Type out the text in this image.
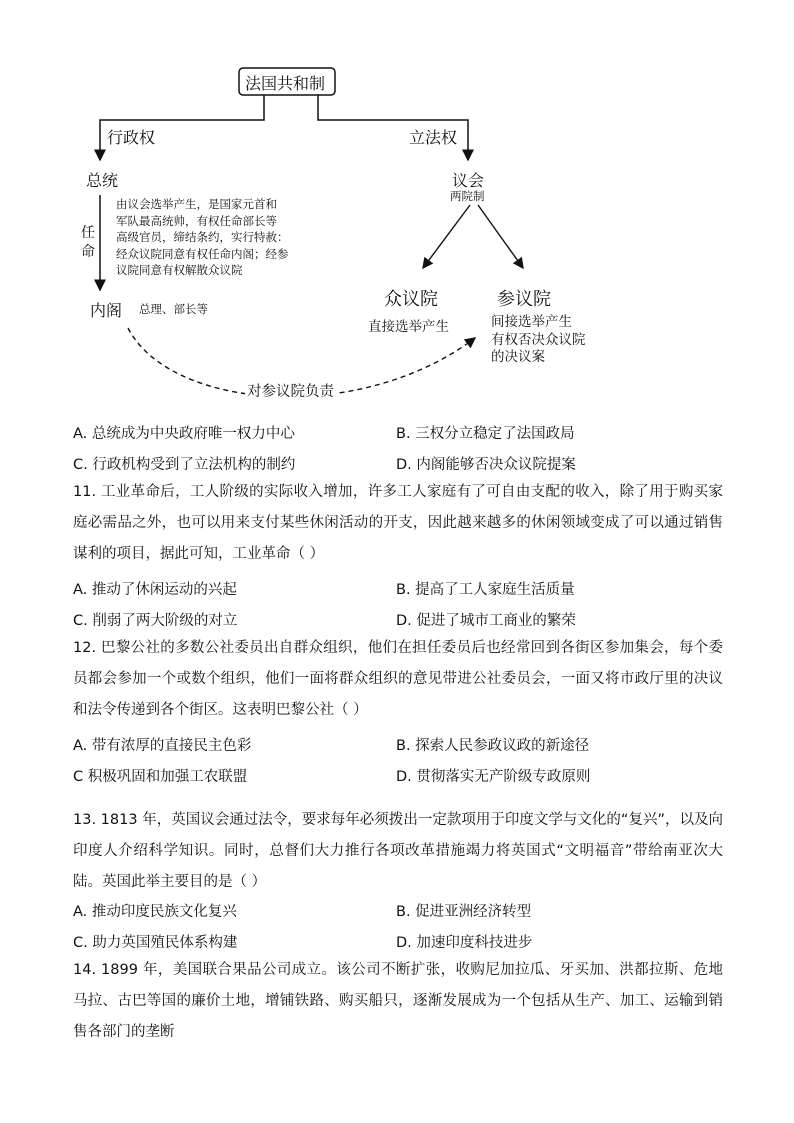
法国共和制
行政权	立法权
总统
由议会选举产生，是国家元首和
军队最高统帅，有权任命部长等
高级官员，缔结条约，实行特赦：
经众议院同意有权任命内阁；经参
议院同意有权解散众议院
任
命
内阁 总理、部长等
议会
两院制
众议院
直接选举产生
参议院
间接选举产生
有权否决众议院
的决议案
对参议院负责
A. 总统成为中央政府唯一权力中心	B. 三权分立稳定了法国政局
C. 行政机构受到了立法机构的制约	D. 内阁能够否决众议院提案
11. 工业革命后，工人阶级的实际收入增加，许多工人家庭有了可自由支配的收入，除了用于购买家庭必需品之外，也可以用来支付某些休闲活动的开支，因此越来越多的休闲领域变成了可以通过销售谋利的项目，据此可知，工业革命（ ）
A. 推动了休闲运动的兴起	B. 提高了工人家庭生活质量
C. 削弱了两大阶级的对立	D. 促进了城市工商业的繁荣
12. 巴黎公社的多数公社委员出自群众组织，他们在担任委员后也经常回到各街区参加集会，每个委员都会参加一个或数个组织，他们一面将群众组织的意见带进公社委员会，一面又将市政厅里的决议和法令传递到各个街区。这表明巴黎公社（ ）
A. 带有浓厚的直接民主色彩	B. 探索人民参政议政的新途径
C 积极巩固和加强工农联盟	D. 贯彻落实无产阶级专政原则
13. 1813 年，英国议会通过法令，要求每年必须拨出一定款项用于印度文学与文化的“复兴”，以及向印度人介绍科学知识。同时，总督们大力推行各项改革措施竭力将英国式“文明福音”带给南亚次大陆。英国此举主要目的是（ ）
A. 推动印度民族文化复兴	B. 促进亚洲经济转型
C. 助力英国殖民体系构建	D. 加速印度科技进步
14. 1899 年，美国联合果品公司成立。该公司不断扩张，收购尼加拉瓜、牙买加、洪都拉斯、危地 马拉、古巴等国的廉价土地，增铺铁路、购买船只，逐渐发展成为一个包括从生产、加工、运输到销售各部门的垄断
